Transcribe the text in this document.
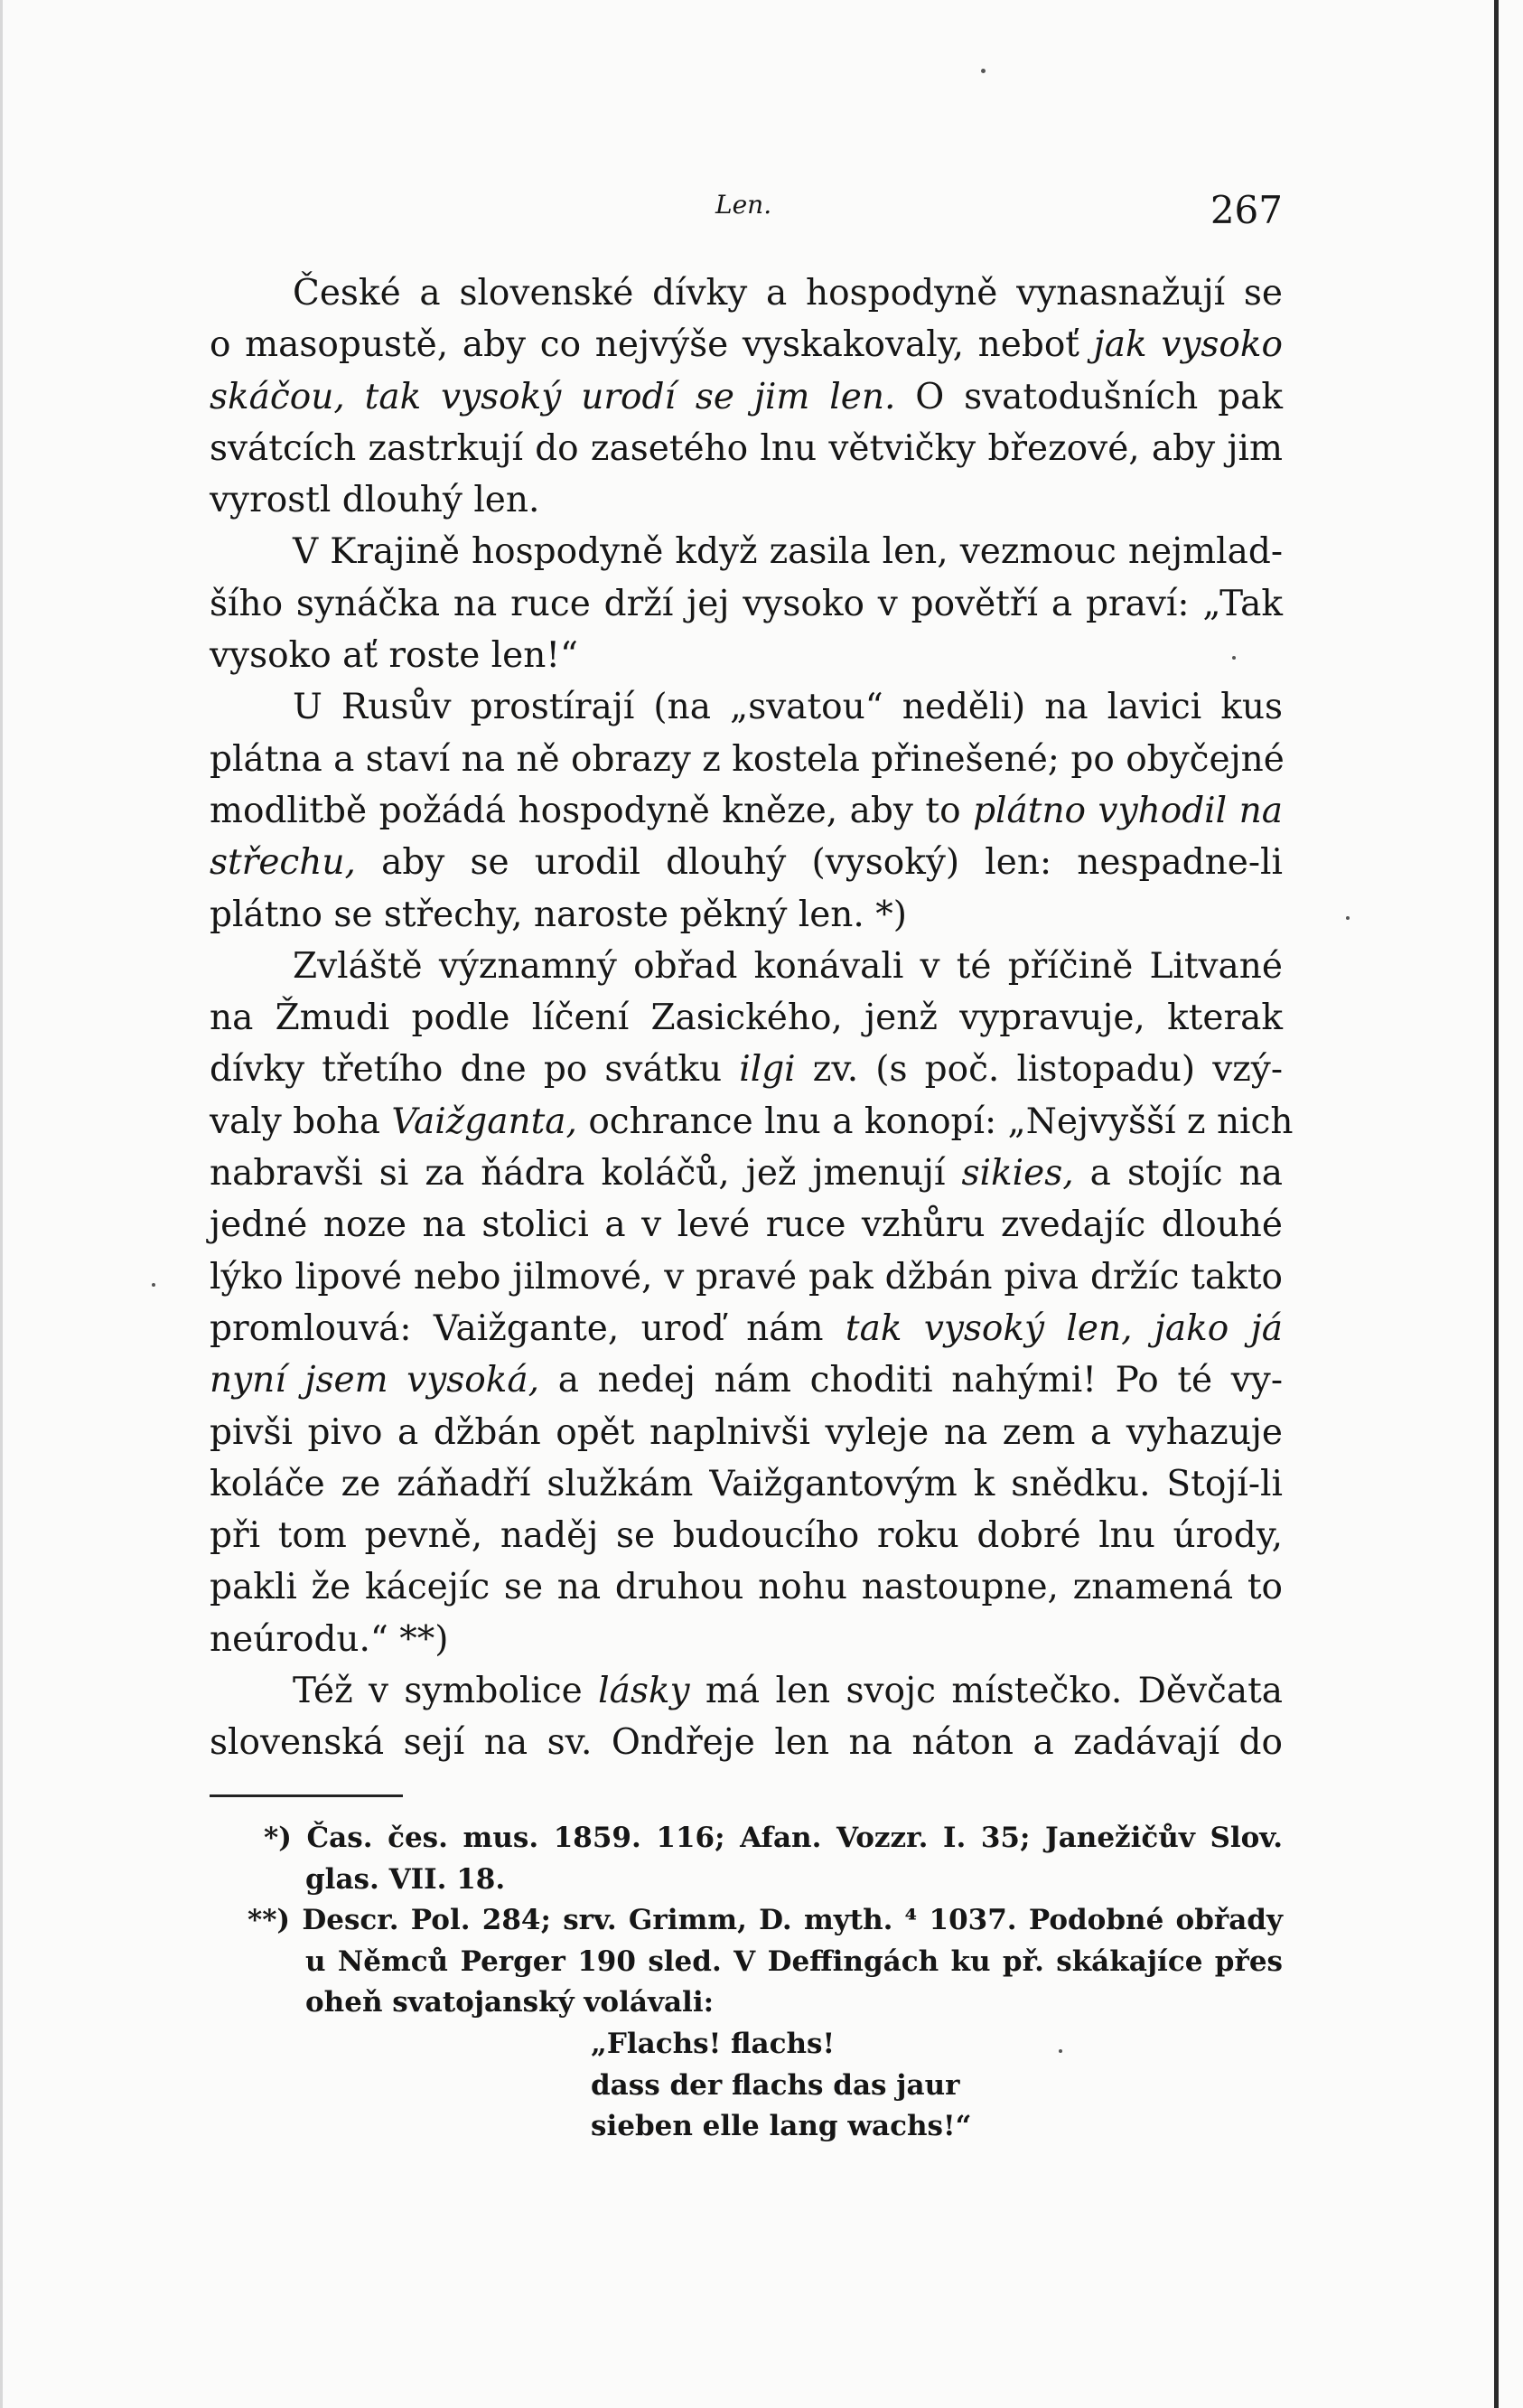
Len.	267
České a slovenské dívky a hospodyně vynasnažují se
o masopustě, aby co nejvýše vyskakovaly, neboť jak vysoko
skáčou, tak vysoký urodí se jim len. O svatodušních pak
svátcích zastrkují do zasetého lnu větvičky březové, aby jim
vyrostl dlouhý len.
V Krajině hospodyně když zasila len, vezmouc nejmlad-
šího synáčka na ruce drží jej vysoko v povětří a praví: „Tak
vysoko ať roste len!“
U Rusův prostírají (na „svatou“ neděli) na lavici kus
plátna a staví na ně obrazy z kostela přinešené; po obyčejné
modlitbě požádá hospodyně kněze, aby to plátno vyhodil na
střechu, aby se urodil dlouhý (vysoký) len: nespadne-li
plátno se střechy, naroste pěkný len. *)
Zvláště významný obřad konávali v té příčině Litvané
na Žmudi podle líčení Zasického, jenž vypravuje, kterak
dívky třetího dne po svátku ilgi zv. (s poč. listopadu) vzý-
valy boha Vaižganta, ochrance lnu a konopí: „Nejvyšší z nich
nabravši si za ňádra koláčů, jež jmenují sikies, a stojíc na
jedné noze na stolici a v levé ruce vzhůru zvedajíc dlouhé
lýko lipové nebo jilmové, v pravé pak džbán piva držíc takto
promlouvá: Vaižgante, uroď nám tak vysoký len, jako já
nyní jsem vysoká, a nedej nám choditi nahými! Po té vy-
pivši pivo a džbán opět naplnivši vyleje na zem a vyhazuje
koláče ze záňadří služkám Vaižgantovým k snědku. Stojí-li
při tom pevně, naděj se budoucího roku dobré lnu úrody,
pakli že kácejíc se na druhou nohu nastoupne, znamená to
neúrodu.“ **)
Též v symbolice lásky má len svojc místečko. Děvčata
slovenská sejí na sv. Ondřeje len na náton a zadávají do
*) Čas. čes. mus. 1859. 116; Afan. Vozzr. I. 35; Janežičův Slov.
glas. VII. 18.
**) Descr. Pol. 284; srv. Grimm, D. myth. ⁴ 1037. Podobné obřady
u Němců Perger 190 sled. V Deffingách ku př. skákajíce přes
oheň svatojanský volávali:
„Flachs! flachs!
dass der flachs das jaur
sieben elle lang wachs!“
